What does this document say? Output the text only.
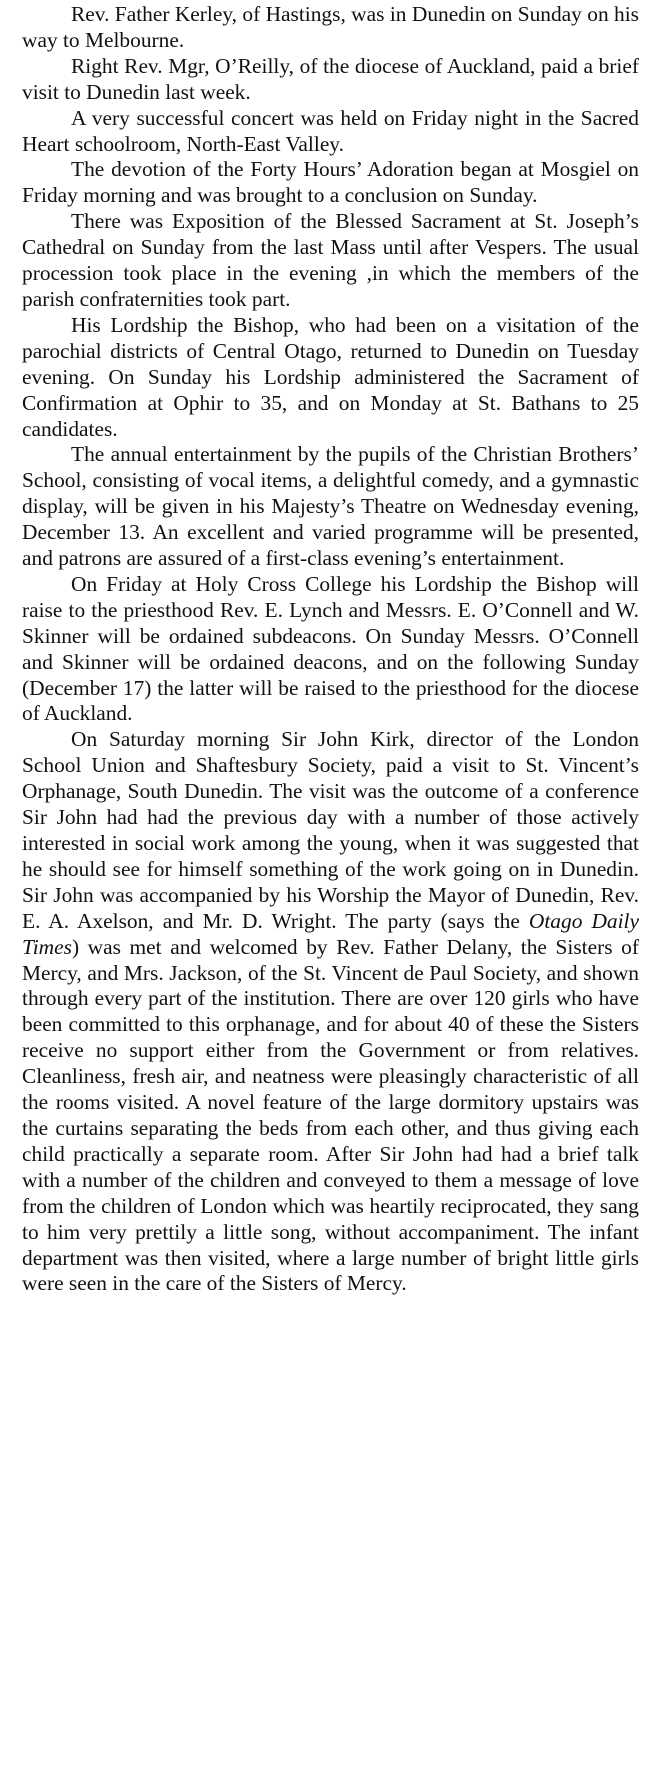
Rev. Father Kerley, of Hastings, was in Dunedin on Sunday on his way to Melbourne.

Right Rev. Mgr, O’Reilly, of the diocese of Auckland, paid a brief visit to Dunedin last week.

A very successful concert was held on Friday night in the Sacred Heart schoolroom, North-East Valley.

The devotion of the Forty Hours’ Adoration began at Mosgiel on Friday morning and was brought to a conclusion on Sunday.

There was Exposition of the Blessed Sacrament at St. Joseph’s Cathedral on Sunday from the last Mass until after Vespers. The usual procession took place in the evening ,in which the members of the parish confraternities took part.

His Lordship the Bishop, who had been on a visitation of the parochial districts of Central Otago, returned to Dunedin on Tuesday evening. On Sunday his Lordship administered the Sacrament of Confirmation at Ophir to 35, and on Monday at St. Bathans to 25 candidates.

The annual entertainment by the pupils of the Christian Brothers’ School, consisting of vocal items, a delightful comedy, and a gymnastic display, will be given in his Majesty’s Theatre on Wednesday evening, December 13. An excellent and varied programme will be presented, and patrons are assured of a first-class evening’s entertainment.

On Friday at Holy Cross College his Lordship the Bishop will raise to the priesthood Rev. E. Lynch and Messrs. E. O’Connell and W. Skinner will be ordained subdeacons. On Sunday Messrs. O’Connell and Skinner will be ordained deacons, and on the following Sunday (December 17) the latter will be raised to the priesthood for the diocese of Auckland.

On Saturday morning Sir John Kirk, director of the London School Union and Shaftesbury Society, paid a visit to St. Vincent’s Orphanage, South Dunedin. The visit was the outcome of a conference Sir John had had the previous day with a number of those actively interested in social work among the young, when it was suggested that he should see for himself something of the work going on in Dunedin. Sir John was accompanied by his Worship the Mayor of Dunedin, Rev. E. A. Axelson, and Mr. D. Wright. The party (says the Otago Daily Times) was met and welcomed by Rev. Father Delany, the Sisters of Mercy, and Mrs. Jackson, of the St. Vincent de Paul Society, and shown through every part of the institution. There are over 120 girls who have been committed to this orphanage, and for about 40 of these the Sisters receive no support either from the Government or from relatives. Cleanliness, fresh air, and neatness were pleasingly characteristic of all the rooms visited. A novel feature of the large dormitory upstairs was the curtains separating the beds from each other, and thus giving each child practically a separate room. After Sir John had had a brief talk with a number of the children and conveyed to them a message of love from the children of London which was heartily reciprocated, they sang to him very prettily a little song, without accompaniment. The infant department was then visited, where a large number of bright little girls were seen in the care of the Sisters of Mercy.
